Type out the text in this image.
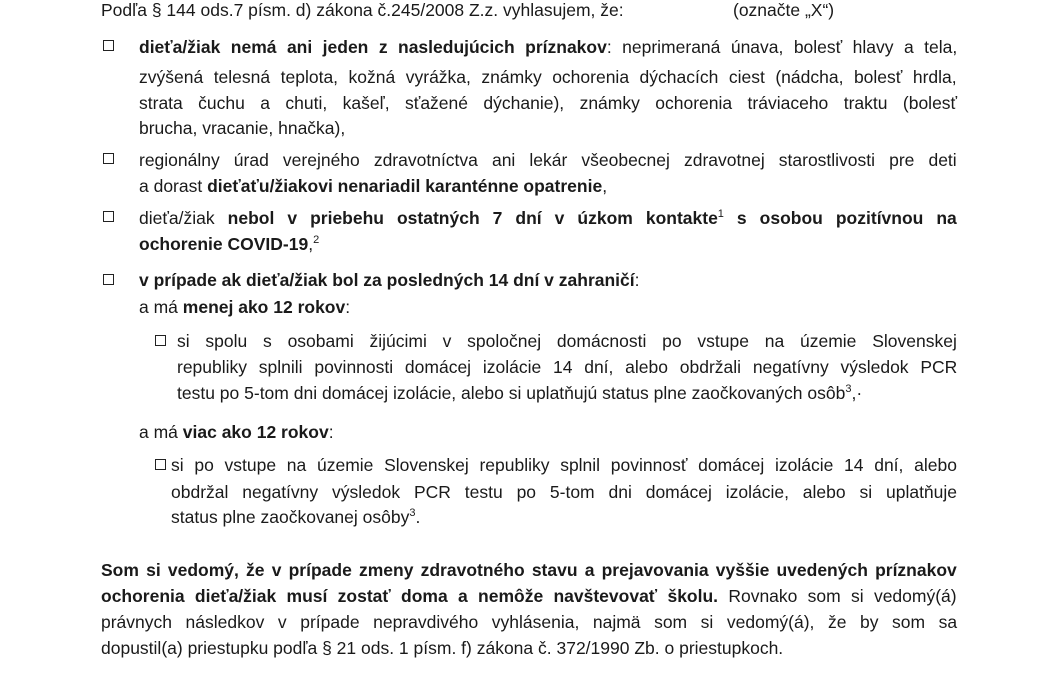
Podľa § 144 ods.7 písm. d) zákona č.245/2008 Z.z. vyhlasujem, že:	(označte „X“)
dieťa/žiak nemá ani jeden z nasledujúcich príznakov: neprimeraná únava, bolesť hlavy a tela,
zvýšená telesná teplota, kožná vyrážka, známky ochorenia dýchacích ciest (nádcha, bolesť hrdla,
strata čuchu a chuti, kašeľ, sťažené dýchanie), známky ochorenia tráviaceho traktu (bolesť
brucha, vracanie, hnačka),
regionálny úrad verejného zdravotníctva ani lekár všeobecnej zdravotnej starostlivosti pre deti
a dorast dieťaťu/žiakovi nenariadil karanténne opatrenie,
dieťa/žiak nebol v priebehu ostatných 7 dní v úzkom kontakte$^1$ s osobou pozitívnou na
ochorenie COVID-19,$^2$
v prípade ak dieťa/žiak bol za posledných 14 dní v zahraničí:
a má menej ako 12 rokov:
si spolu s osobami žijúcimi v spoločnej domácnosti po vstupe na územie Slovenskej
republiky splnili povinnosti domácej izolácie 14 dní, alebo obdržali negatívny výsledok PCR
testu po 5-tom dni domácej izolácie, alebo si uplatňujú status plne zaočkovaných osôb$^3$,·
a má viac ako 12 rokov:
si po vstupe na územie Slovenskej republiky splnil povinnosť domácej izolácie 14 dní, alebo
obdržal negatívny výsledok PCR testu po 5-tom dni domácej izolácie, alebo si uplatňuje
status plne zaočkovanej osôby$^3$.
Som si vedomý, že v prípade zmeny zdravotného stavu a prejavovania vyššie uvedených príznakov
ochorenia dieťa/žiak musí zostať doma a nemôže navštevovať školu. Rovnako som si vedomý(á)
právnych následkov v prípade nepravdivého vyhlásenia, najmä som si vedomý(á), že by som sa
dopustil(a) priestupku podľa § 21 ods. 1 písm. f) zákona č. 372/1990 Zb. o priestupkoch.
